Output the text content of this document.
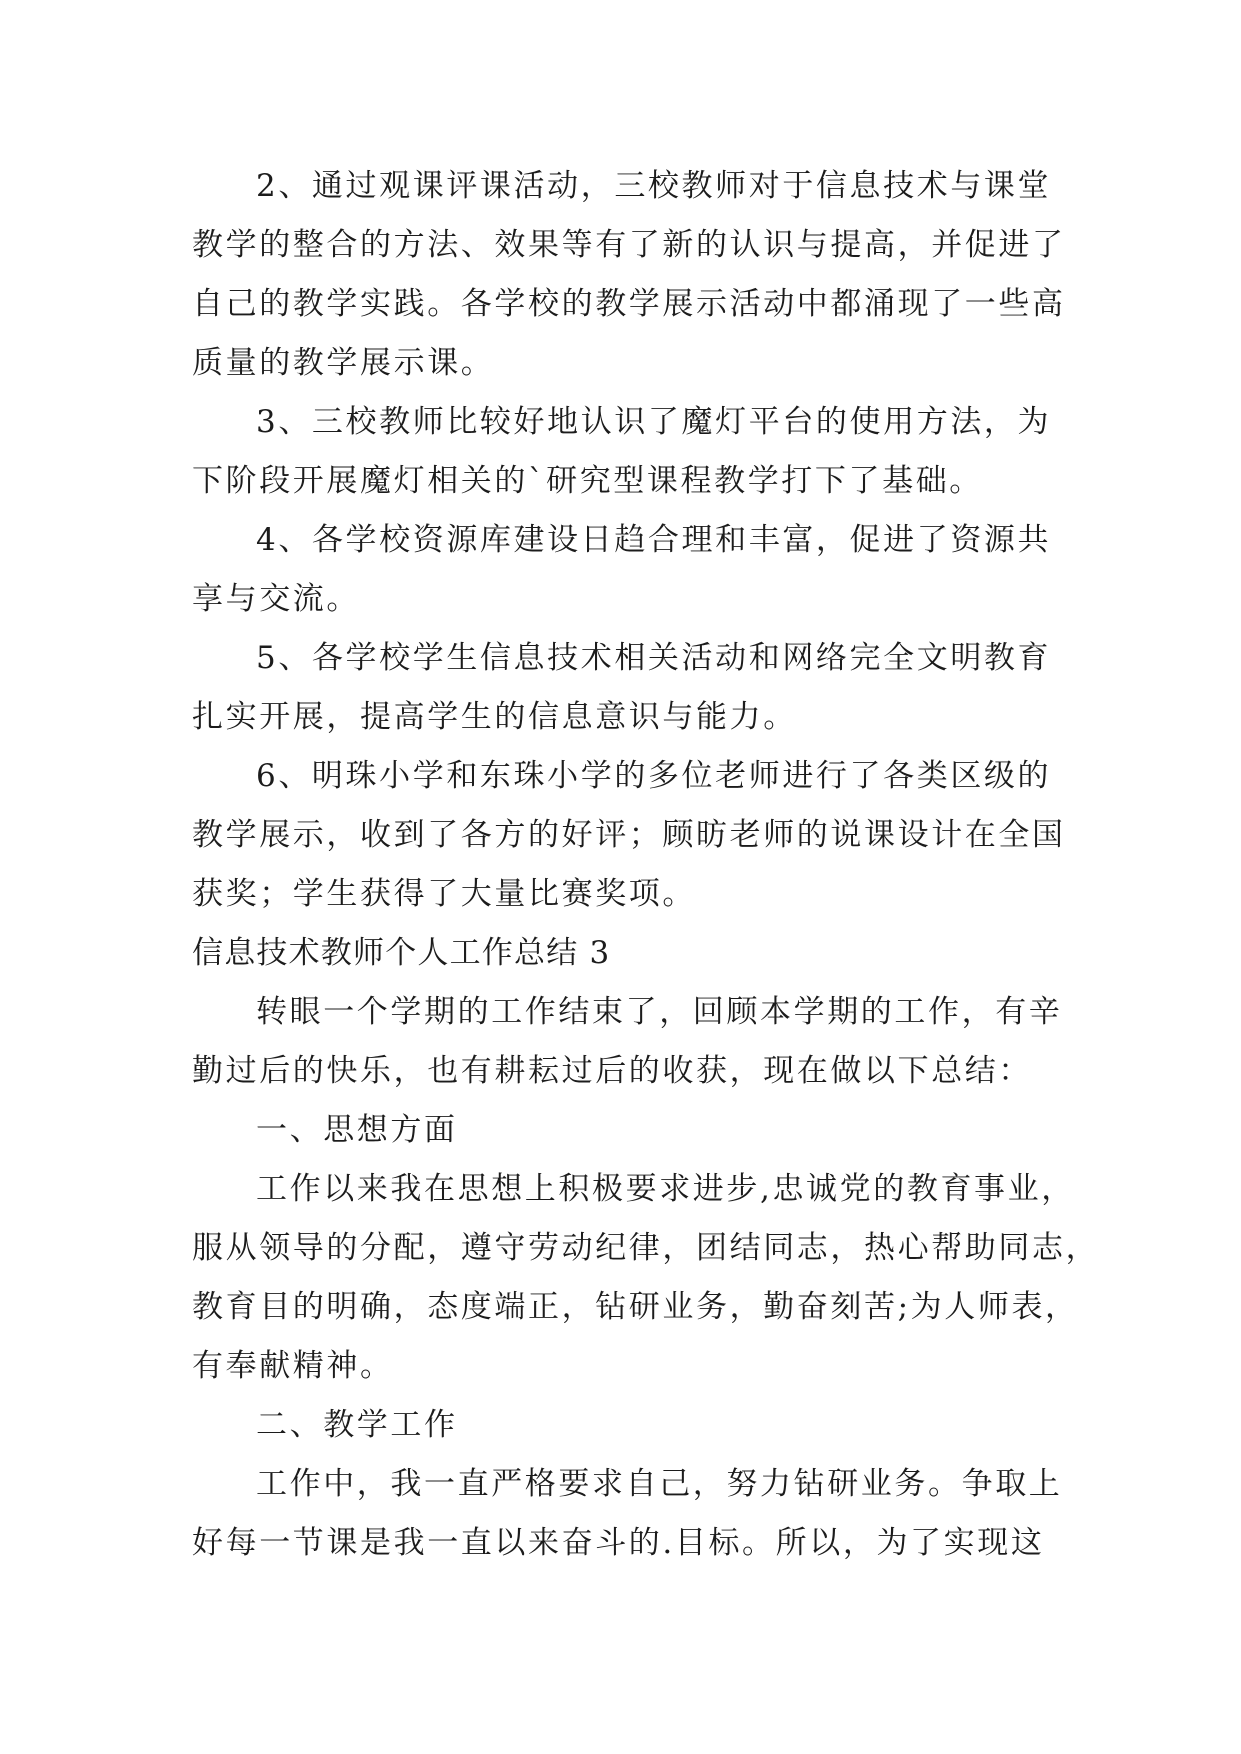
2、通过观课评课活动，三校教师对于信息技术与课堂
教学的整合的方法、效果等有了新的认识与提高，并促进了
自己的教学实践。各学校的教学展示活动中都涌现了一些高
质量的教学展示课。

3、三校教师比较好地认识了魔灯平台的使用方法，为
下阶段开展魔灯相关的`研究型课程教学打下了基础。

4、各学校资源库建设日趋合理和丰富，促进了资源共
享与交流。

5、各学校学生信息技术相关活动和网络完全文明教育
扎实开展，提高学生的信息意识与能力。

6、明珠小学和东珠小学的多位老师进行了各类区级的
教学展示，收到了各方的好评；顾昉老师的说课设计在全国
获奖；学生获得了大量比赛奖项。

信息技术教师个人工作总结 3

转眼一个学期的工作结束了，回顾本学期的工作，有辛
勤过后的快乐，也有耕耘过后的收获，现在做以下总结：

一、思想方面

工作以来我在思想上积极要求进步,忠诚党的教育事业，
服从领导的分配，遵守劳动纪律，团结同志，热心帮助同志，
教育目的明确，态度端正，钻研业务，勤奋刻苦;为人师表，
有奉献精神。

二、教学工作

工作中，我一直严格要求自己，努力钻研业务。争取上
好每一节课是我一直以来奋斗的.目标。所以，为了实现这
